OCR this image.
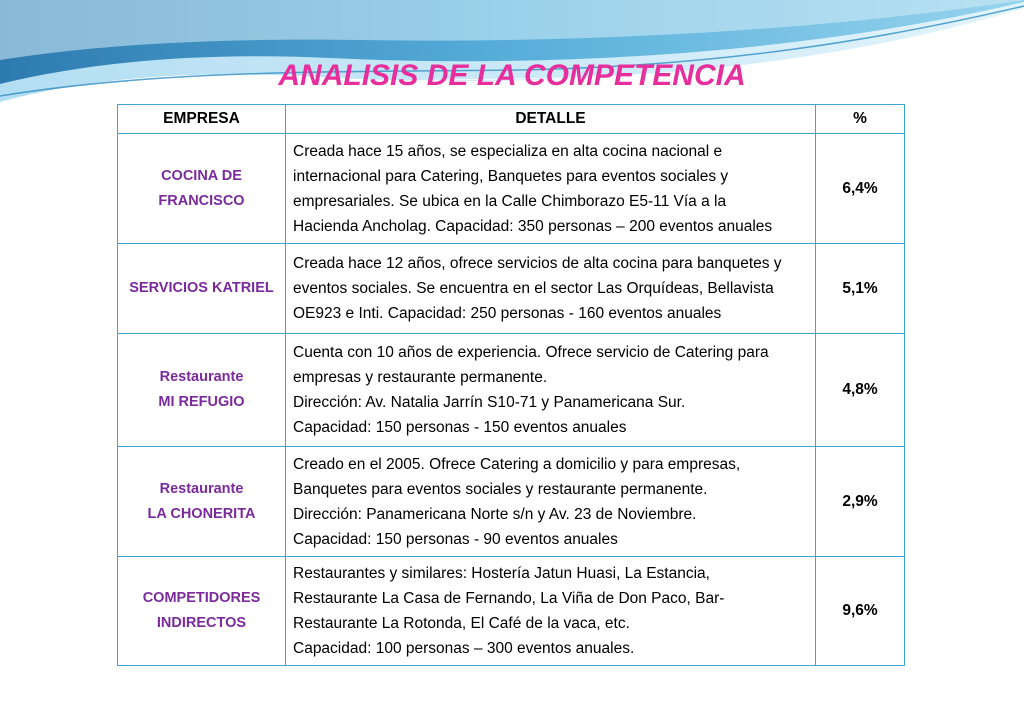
ANALISIS DE LA COMPETENCIA
EMPRESA	DETALLE	%
COCINA DE
FRANCISCO	Creada hace 15 años, se especializa en alta cocina nacional e
internacional para Catering, Banquetes para eventos sociales y
empresariales. Se ubica en la Calle Chimborazo E5-11 Vía a la
Hacienda Ancholag. Capacidad: 350 personas – 200 eventos anuales	6,4%
SERVICIOS KATRIEL	Creada hace 12 años, ofrece servicios de alta cocina para banquetes y
eventos sociales. Se encuentra en el sector Las Orquídeas, Bellavista
OE923 e Inti. Capacidad: 250 personas - 160 eventos anuales	5,1%
Restaurante
MI REFUGIO	Cuenta con 10 años de experiencia. Ofrece servicio de Catering para
empresas y restaurante permanente.
Dirección: Av. Natalia Jarrín S10-71 y Panamericana Sur.
Capacidad: 150 personas - 150 eventos anuales	4,8%
Restaurante
LA CHONERITA	Creado en el 2005. Ofrece Catering a domicilio y para empresas,
Banquetes para eventos sociales y restaurante permanente.
Dirección: Panamericana Norte s/n y Av. 23 de Noviembre.
Capacidad: 150 personas - 90 eventos anuales	2,9%
COMPETIDORES
INDIRECTOS	Restaurantes y similares: Hostería Jatun Huasi, La Estancia,
Restaurante La Casa de Fernando, La Viña de Don Paco, Bar-
Restaurante La Rotonda, El Café de la vaca, etc.
Capacidad: 100 personas – 300 eventos anuales.	9,6%
